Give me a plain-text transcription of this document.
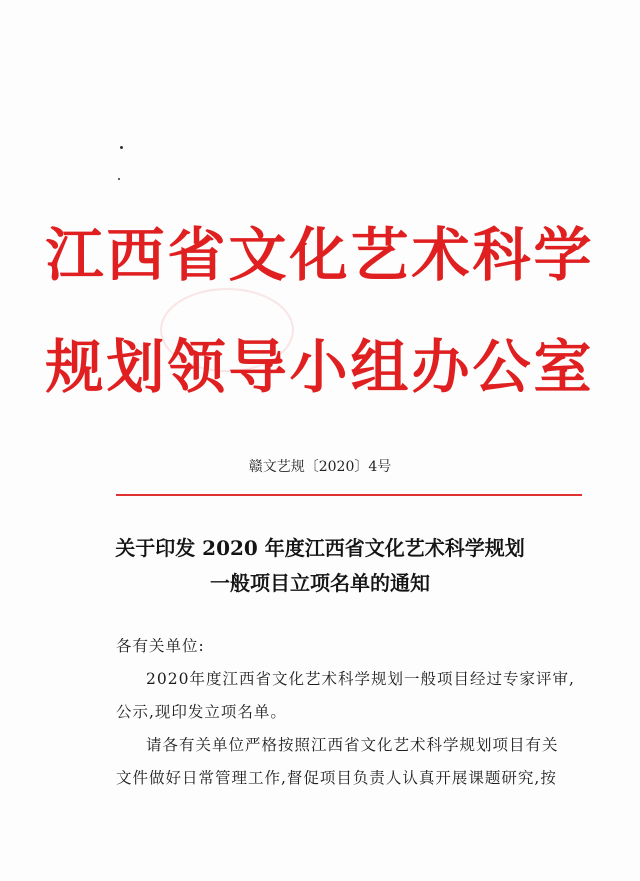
江西省文化艺术科学
规划领导小组办公室
赣文艺规〔2020〕4号
关于印发 2020 年度江西省文化艺术科学规划
一般项目立项名单的通知
各有关单位:
2020年度江西省文化艺术科学规划一般项目经过专家评审,
公示,现印发立项名单。
请各有关单位严格按照江西省文化艺术科学规划项目有关
文件做好日常管理工作,督促项目负责人认真开展课题研究,按
